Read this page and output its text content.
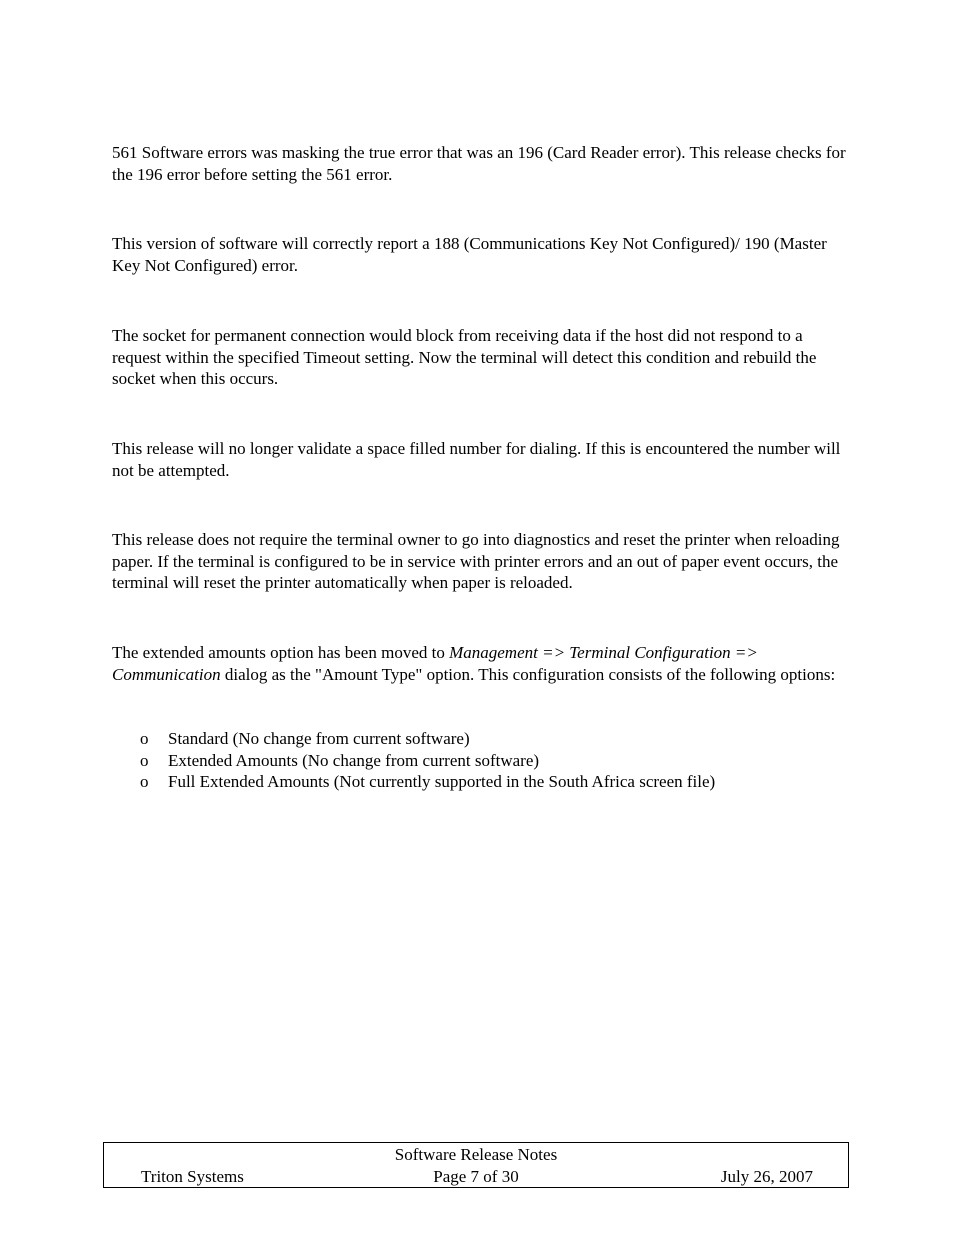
561 Software errors was masking the true error that was an 196 (Card Reader error). This release checks for the 196 error before setting the 561 error.

This version of software will correctly report a 188 (Communications Key Not Configured)/ 190 (Master Key Not Configured) error.

The socket for permanent connection would block from receiving data if the host did not respond to a request within the specified Timeout setting. Now the terminal will detect this condition and rebuild the socket when this occurs.

This release will no longer validate a space filled number for dialing. If this is encountered the number will not be attempted.

This release does not require the terminal owner to go into diagnostics and reset the printer when reloading paper. If the terminal is configured to be in service with printer errors and an out of paper event occurs, the terminal will reset the printer automatically when paper is reloaded.

The extended amounts option has been moved to Management => Terminal Configuration => Communication dialog as the "Amount Type" option. This configuration consists of the following options:

o Standard (No change from current software)
o Extended Amounts (No change from current software)
o Full Extended Amounts (Not currently supported in the South Africa screen file)
Software Release Notes
Triton Systems	Page 7 of 30	July 26, 2007
